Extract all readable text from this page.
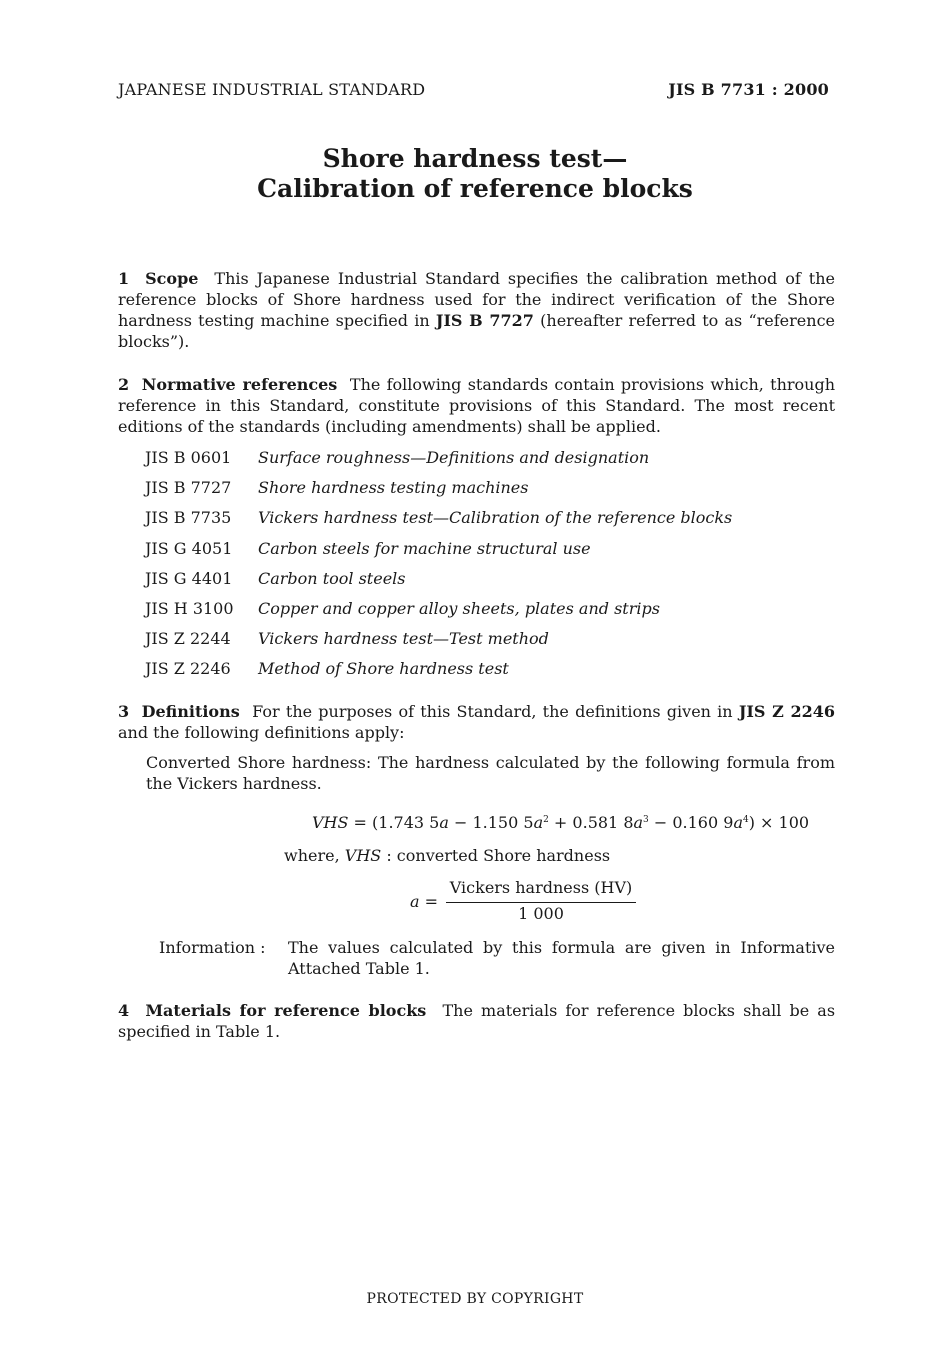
JAPANESE INDUSTRIAL STANDARD	JIS B 7731 : 2000
Shore hardness test—
Calibration of reference blocks
1 Scope This Japanese Industrial Standard specifies the calibration method of the reference blocks of Shore hardness used for the indirect verification of the Shore hardness testing machine specified in JIS B 7727 (hereafter referred to as “reference blocks”).
2 Normative references The following standards contain provisions which, through reference in this Standard, constitute provisions of this Standard. The most recent editions of the standards (including amendments) shall be applied.
JIS B 0601	Surface roughness—Definitions and designation
JIS B 7727	Shore hardness testing machines
JIS B 7735	Vickers hardness test—Calibration of the reference blocks
JIS G 4051	Carbon steels for machine structural use
JIS G 4401	Carbon tool steels
JIS H 3100	Copper and copper alloy sheets, plates and strips
JIS Z 2244	Vickers hardness test—Test method
JIS Z 2246	Method of Shore hardness test
3 Definitions For the purposes of this Standard, the definitions given in JIS Z 2246 and the following definitions apply:
Converted Shore hardness: The hardness calculated by the following formula from the Vickers hardness.
VHS = (1.743 5a − 1.150 $5a^2 + 0.581$ $8a^3 - 0.160$ $9a^4) \times 100$
where, VHS : converted Shore hardness
a =
Vickers hardness (HV)
1 000
Information : The values calculated by this formula are given in Informative Attached Table 1.
4 Materials for reference blocks The materials for reference blocks shall be as specified in Table 1.
PROTECTED BY COPYRIGHT
